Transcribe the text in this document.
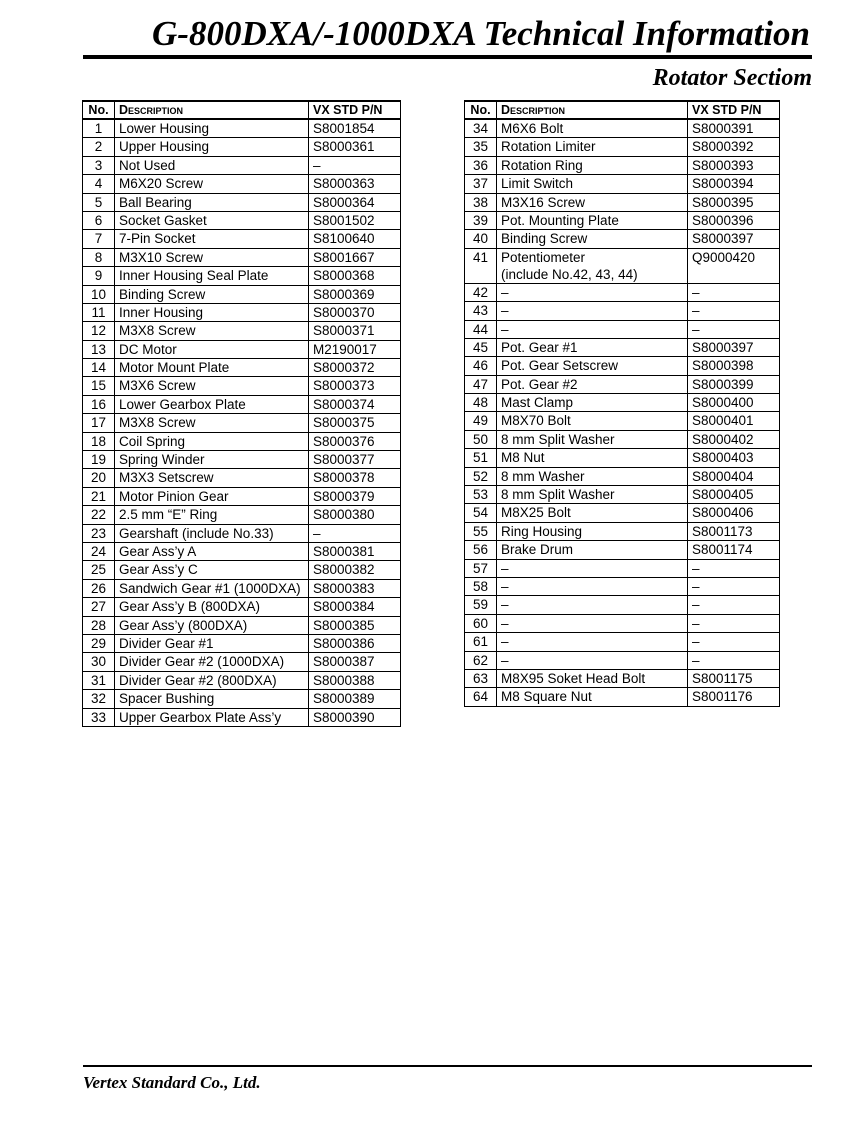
G-800DXA/-1000DXA Technical Information
Rotator Sectiom
No.	Description	VX STD P/N
1	Lower Housing	S8001854
2	Upper Housing	S8000361
3	Not Used	–
4	M6X20 Screw	S8000363
5	Ball Bearing	S8000364
6	Socket Gasket	S8001502
7	7-Pin Socket	S8100640
8	M3X10 Screw	S8001667
9	Inner Housing Seal Plate	S8000368
10	Binding Screw	S8000369
11	Inner Housing	S8000370
12	M3X8 Screw	S8000371
13	DC Motor	M2190017
14	Motor Mount Plate	S8000372
15	M3X6 Screw	S8000373
16	Lower Gearbox Plate	S8000374
17	M3X8 Screw	S8000375
18	Coil Spring	S8000376
19	Spring Winder	S8000377
20	M3X3 Setscrew	S8000378
21	Motor Pinion Gear	S8000379
22	2.5 mm “E” Ring	S8000380
23	Gearshaft (include No.33)	–
24	Gear Ass’y A	S8000381
25	Gear Ass’y C	S8000382
26	Sandwich Gear #1 (1000DXA)	S8000383
27	Gear Ass’y B (800DXA)	S8000384
28	Gear Ass’y (800DXA)	S8000385
29	Divider Gear #1	S8000386
30	Divider Gear #2 (1000DXA)	S8000387
31	Divider Gear #2 (800DXA)	S8000388
32	Spacer Bushing	S8000389
33	Upper Gearbox Plate Ass’y	S8000390
No.	Description	VX STD P/N
34	M6X6 Bolt	S8000391
35	Rotation Limiter	S8000392
36	Rotation Ring	S8000393
37	Limit Switch	S8000394
38	M3X16 Screw	S8000395
39	Pot. Mounting Plate	S8000396
40	Binding Screw	S8000397
41	Potentiometer
(include No.42, 43, 44)	Q9000420
42	–	–
43	–	–
44	–	–
45	Pot. Gear #1	S8000397
46	Pot. Gear Setscrew	S8000398
47	Pot. Gear #2	S8000399
48	Mast Clamp	S8000400
49	M8X70 Bolt	S8000401
50	8 mm Split Washer	S8000402
51	M8 Nut	S8000403
52	8 mm Washer	S8000404
53	8 mm Split Washer	S8000405
54	M8X25 Bolt	S8000406
55	Ring Housing	S8001173
56	Brake Drum	S8001174
57	–	–
58	–	–
59	–	–
60	–	–
61	–	–
62	–	–
63	M8X95 Soket Head Bolt	S8001175
64	M8 Square Nut	S8001176
Vertex Standard Co., Ltd.
